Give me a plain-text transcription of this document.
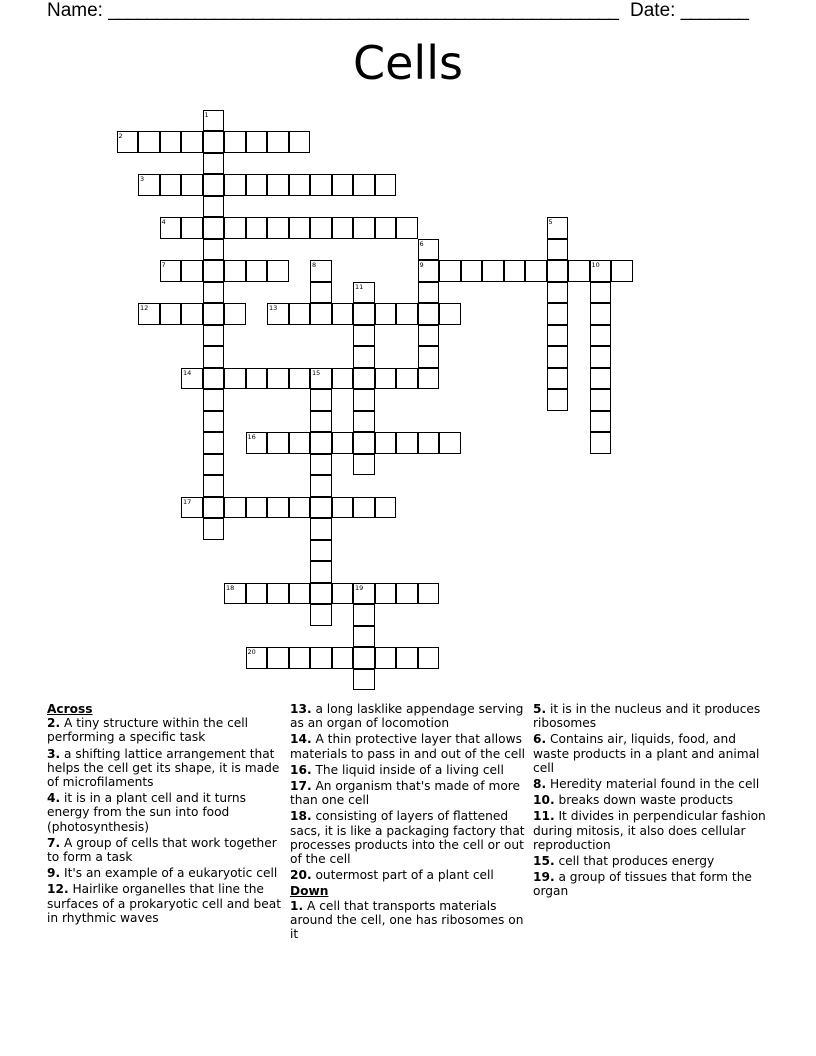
Name: _____________________________________________________ Date: _______
Cells
1
2
3
4	5
6
9
7	8	10
11
12	13
14	15
16
17
18	19
20
Across
2. A tiny structure within the cell performing a specific task
3. a shifting lattice arrangement that helps the cell get its shape, it is made of microfilaments
4. it is in a plant cell and it turns energy from the sun into food (photosynthesis)
7. A group of cells that work together to form a task
9. It's an example of a eukaryotic cell
12. Hairlike organelles that line the surfaces of a prokaryotic cell and beat in rhythmic waves
13. a long lasklike appendage serving as an organ of locomotion
14. A thin protective layer that allows materials to pass in and out of the cell
16. The liquid inside of a living cell
17. An organism that's made of more than one cell
18. consisting of layers of flattened sacs, it is like a packaging factory that processes products into the cell or out of the cell
20. outermost part of a plant cell
Down
1. A cell that transports materials around the cell, one has ribosomes on it
5. it is in the nucleus and it produces ribosomes
6. Contains air, liquids, food, and waste products in a plant and animal cell
8. Heredity material found in the cell
10. breaks down waste products
11. It divides in perpendicular fashion during mitosis, it also does cellular reproduction
15. cell that produces energy
19. a group of tissues that form the organ
